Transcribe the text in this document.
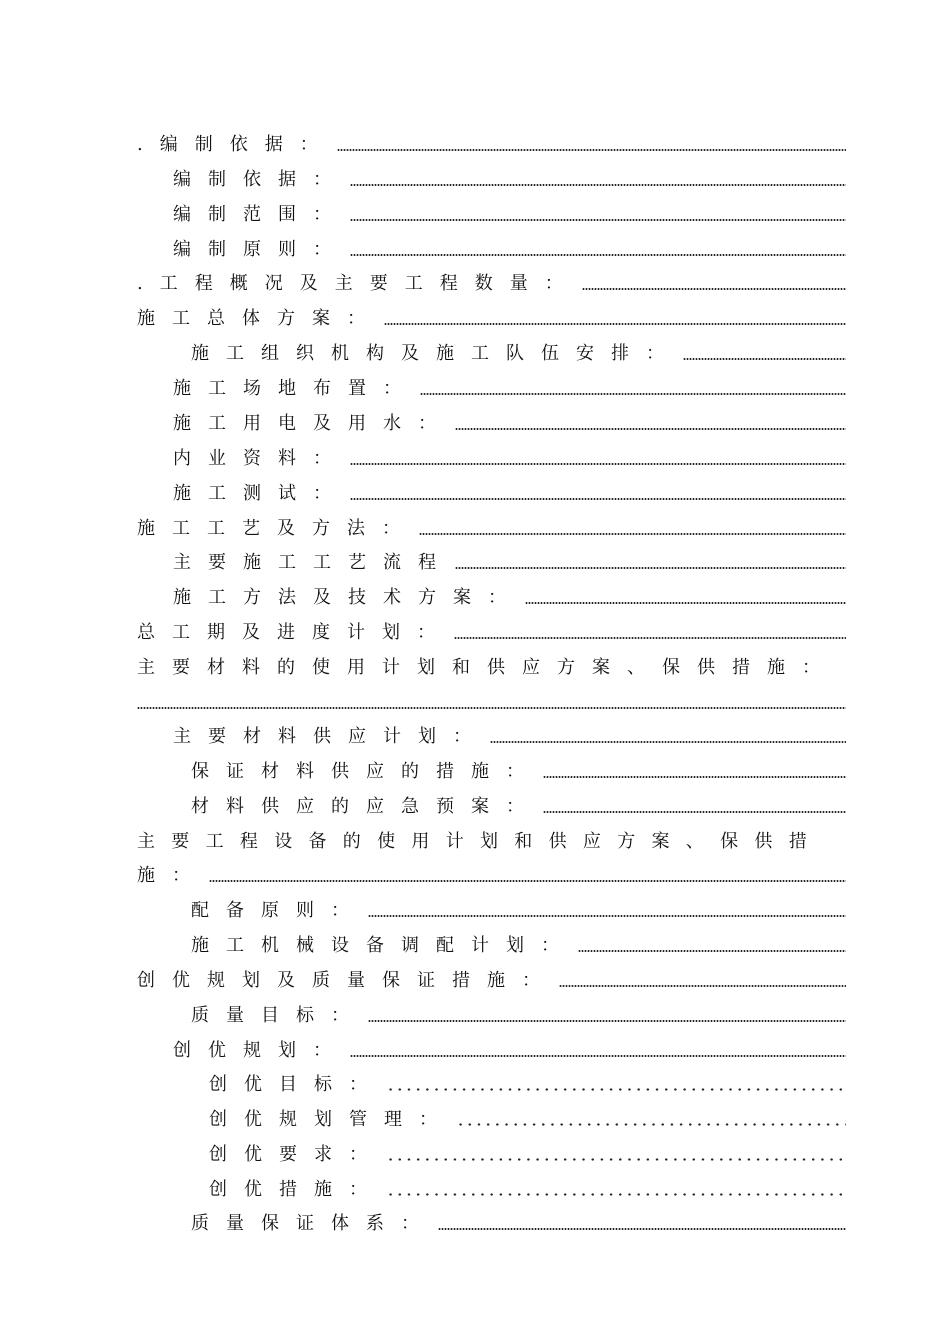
.编制依据：
编制依据：
编制范围：
编制原则：
.工程概况及主要工程数量：
施工总体方案：
施工组织机构及施工队伍安排：
施工场地布置：
施工用电及用水：
内业资料：
施工测试：
施工工艺及方法：
主要施工工艺流程
施工方法及技术方案：
总工期及进度计划：
主要材料的使用计划和供应方案、保供措施：
主要材料供应计划：
保证材料供应的措施：
材料供应的应急预案：
主要工程设备的使用计划和供应方案、保供措
施：
配备原则：
施工机械设备调配计划：
创优规划及质量保证措施：
质量目标：
创优规划：
创优目标：
创优规划管理：
创优要求：
创优措施：
质量保证体系：
